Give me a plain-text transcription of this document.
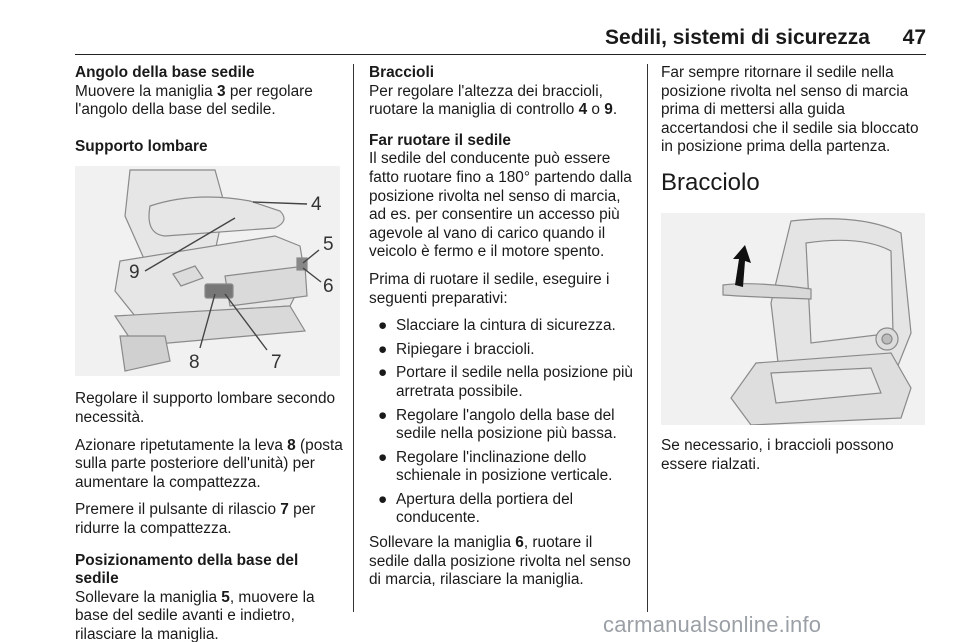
Sedili, sistemi di sicurezza 47
Angolo della base sedile

Muovere la maniglia 3 per regolare l'angolo della base del sedile.

Supporto lombare
4
5
6
7
8
9

Regolare il supporto lombare secondo necessità.

Azionare ripetutamente la leva 8 (posta sulla parte posteriore dell'unità) per aumentare la compattezza.

Premere il pulsante di rilascio 7 per ridurre la compattezza.

Posizionamento della base del sedile

Sollevare la maniglia 5, muovere la base del sedile avanti e indietro, rilasciare la maniglia.

Braccioli

Per regolare l'altezza dei braccioli, ruotare la maniglia di controllo 4 o 9.

Far ruotare il sedile

Il sedile del conducente può essere fatto ruotare fino a 180° partendo dalla posizione rivolta nel senso di marcia, ad es. per consentire un accesso più agevole al vano di carico quando il veicolo è fermo e il motore spento.

Prima di ruotare il sedile, eseguire i seguenti preparativi:

● Slacciare la cintura di sicurezza.
● Ripiegare i braccioli.
● Portare il sedile nella posizione più arretrata possibile.
● Regolare l'angolo della base del sedile nella posizione più bassa.
● Regolare l'inclinazione dello schienale in posizione verticale.
● Apertura della portiera del conducente.

Sollevare la maniglia 6, ruotare il sedile dalla posizione rivolta nel senso di marcia, rilasciare la maniglia.

Far sempre ritornare il sedile nella posizione rivolta nel senso di marcia prima di mettersi alla guida accertandosi che il sedile sia bloccato in posizione prima della partenza.

Bracciolo

Se necessario, i braccioli possono essere rialzati.

carmanualsonline.info
